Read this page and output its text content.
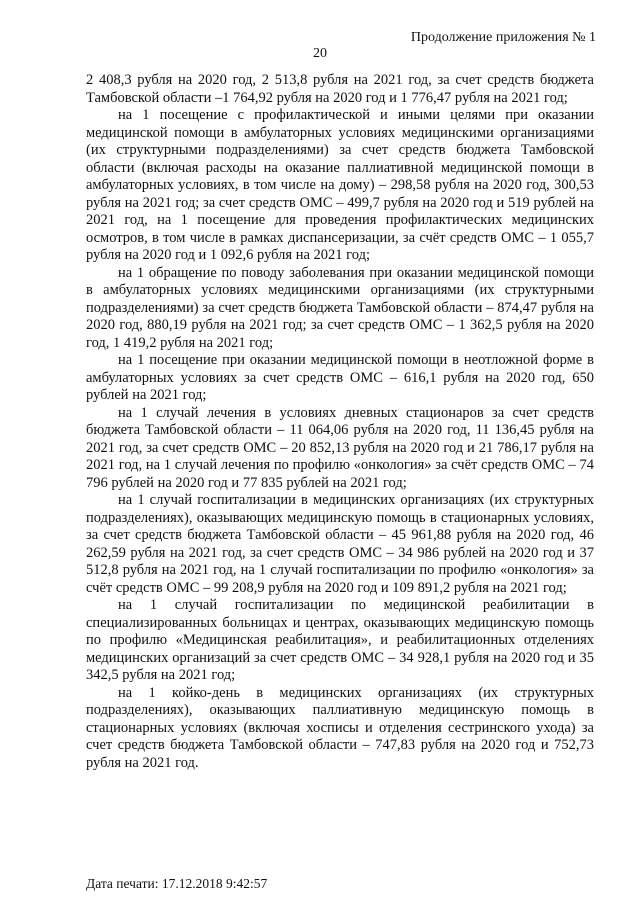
Продолжение приложения № 1
20

2 408,3 рубля на 2020 год, 2 513,8 рубля на 2021 год, за счет средств бюджета Тамбовской области –1 764,92 рубля на 2020 год и 1 776,47 рубля на 2021 год;

на 1 посещение с профилактической и иными целями при оказании медицинской помощи в амбулаторных условиях медицинскими организациями (их структурными подразделениями) за счет средств бюджета Тамбовской области (включая расходы на оказание паллиативной медицинской помощи в амбулаторных условиях, в том числе на дому) – 298,58 рубля на 2020 год, 300,53 рубля на 2021 год; за счет средств ОМС – 499,7 рубля на 2020 год и 519 рублей на 2021 год, на 1 посещение для проведения профилактических медицинских осмотров, в том числе в рамках диспансеризации, за счёт средств ОМС – 1 055,7 рубля на 2020 год и 1 092,6 рубля на 2021 год;

на 1 обращение по поводу заболевания при оказании медицинской помощи в амбулаторных условиях медицинскими организациями (их структурными подразделениями) за счет средств бюджета Тамбовской области – 874,47 рубля на 2020 год, 880,19 рубля на 2021 год; за счет средств ОМС – 1 362,5 рубля на 2020 год, 1 419,2 рубля на 2021 год;

на 1 посещение при оказании медицинской помощи в неотложной форме в амбулаторных условиях за счет средств ОМС – 616,1 рубля на 2020 год, 650 рублей на 2021 год;

на 1 случай лечения в условиях дневных стационаров за счет средств бюджета Тамбовской области – 11 064,06 рубля на 2020 год, 11 136,45 рубля на 2021 год, за счет средств ОМС – 20 852,13 рубля на 2020 год и 21 786,17 рубля на 2021 год, на 1 случай лечения по профилю «онкология» за счёт средств ОМС – 74 796 рублей на 2020 год и 77 835 рублей на 2021 год;

на 1 случай госпитализации в медицинских организациях (их структурных подразделениях), оказывающих медицинскую помощь в стационарных условиях, за счет средств бюджета Тамбовской области – 45 961,88 рубля на 2020 год, 46 262,59 рубля на 2021 год, за счет средств ОМС – 34 986 рублей на 2020 год и 37 512,8 рубля на 2021 год, на 1 случай госпитализации по профилю «онкология» за счёт средств ОМС – 99 208,9 рубля на 2020 год и 109 891,2 рубля на 2021 год;

на 1 случай госпитализации по медицинской реабилитации в специализированных больницах и центрах, оказывающих медицинскую помощь по профилю «Медицинская реабилитация», и реабилитационных отделениях медицинских организаций за счет средств ОМС – 34 928,1 рубля на 2020 год и 35 342,5 рубля на 2021 год;

на 1 койко-день в медицинских организациях (их структурных подразделениях), оказывающих паллиативную медицинскую помощь в стационарных условиях (включая хосписы и отделения сестринского ухода) за счет средств бюджета Тамбовской области – 747,83 рубля на 2020 год и 752,73 рубля на 2021 год.

Дата печати: 17.12.2018 9:42:57
